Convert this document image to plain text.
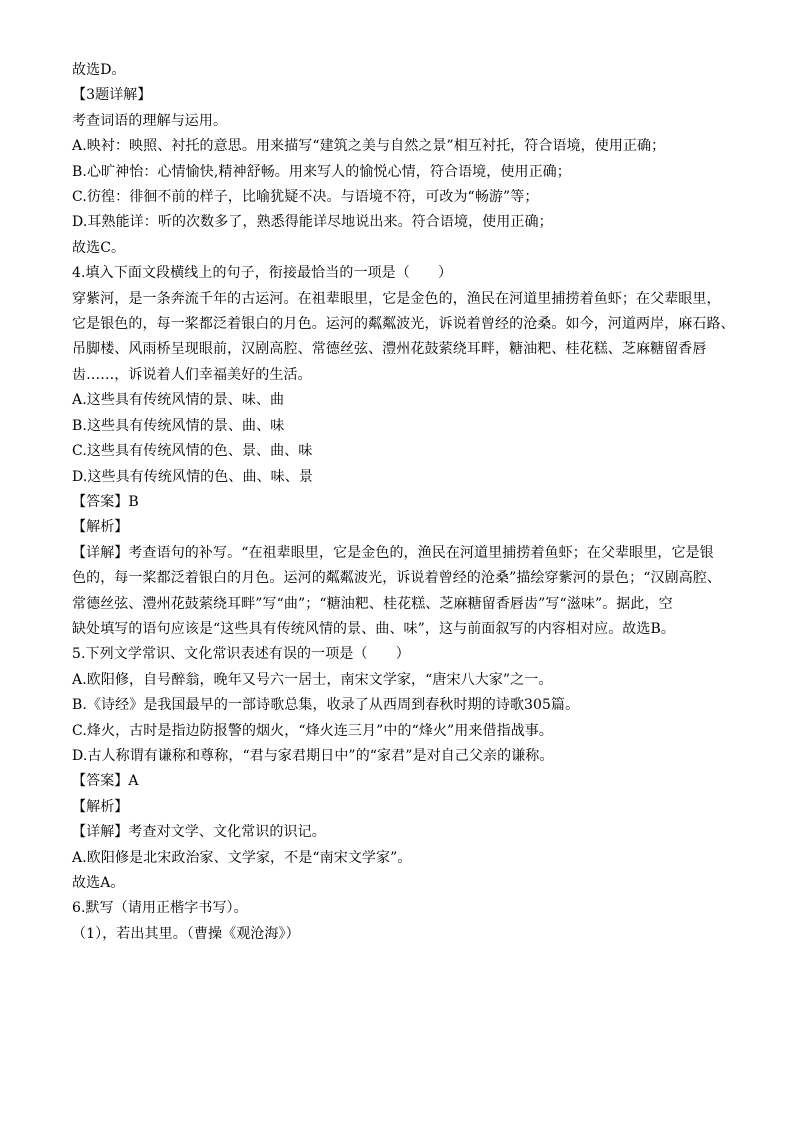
故选D。
【3题详解】
考查词语的理解与运用。
A.映衬：映照、衬托的意思。用来描写“建筑之美与自然之景”相互衬托，符合语境，使用正确；
B.心旷神怡：心情愉快,精神舒畅。用来写人的愉悦心情，符合语境，使用正确；
C.彷徨：徘徊不前的样子，比喻犹疑不决。与语境不符，可改为“畅游”等；
D.耳熟能详：听的次数多了，熟悉得能详尽地说出来。符合语境，使用正确；
故选C。
4.填入下面文段横线上的句子，衔接最恰当的一项是（　　）
穿紫河，是一条奔流千年的古运河。在祖辈眼里，它是金色的，渔民在河道里捕捞着鱼虾；在父辈眼里，
它是银色的，每一桨都泛着银白的月色。运河的粼粼波光，诉说着曾经的沧桑。如今，河道两岸，麻石路、
吊脚楼、风雨桥呈现眼前，汉剧高腔、常德丝弦、澧州花鼓萦绕耳畔，糖油粑、桂花糕、芝麻糖留香唇
齿……，诉说着人们幸福美好的生活。
A.这些具有传统风情的景、味、曲
B.这些具有传统风情的景、曲、味
C.这些具有传统风情的色、景、曲、味
D.这些具有传统风情的色、曲、味、景
【答案】B
【解析】
【详解】考查语句的补写。“在祖辈眼里，它是金色的，渔民在河道里捕捞着鱼虾；在父辈眼里，它是银
色的，每一桨都泛着银白的月色。运河的粼粼波光，诉说着曾经的沧桑”描绘穿紫河的景色；“汉剧高腔、
常德丝弦、澧州花鼓萦绕耳畔”写“曲”；“糖油粑、桂花糕、芝麻糖留香唇齿”写“滋味”。据此，空
缺处填写的语句应该是“这些具有传统风情的景、曲、味”，这与前面叙写的内容相对应。故选B。
5.下列文学常识、文化常识表述有误的一项是（　　）
A.欧阳修，自号醉翁，晚年又号六一居士，南宋文学家，“唐宋八大家”之一。
B.《诗经》是我国最早的一部诗歌总集，收录了从西周到春秋时期的诗歌305篇。
C.烽火，古时是指边防报警的烟火，“烽火连三月”中的“烽火”用来借指战事。
D.古人称谓有谦称和尊称，“君与家君期日中”的“家君”是对自己父亲的谦称。
【答案】A
【解析】
【详解】考查对文学、文化常识的识记。
A.欧阳修是北宋政治家、文学家，不是“南宋文学家”。
故选A。
6.默写（请用正楷字书写）。
（1），若出其里。（曹操《观沧海》）
